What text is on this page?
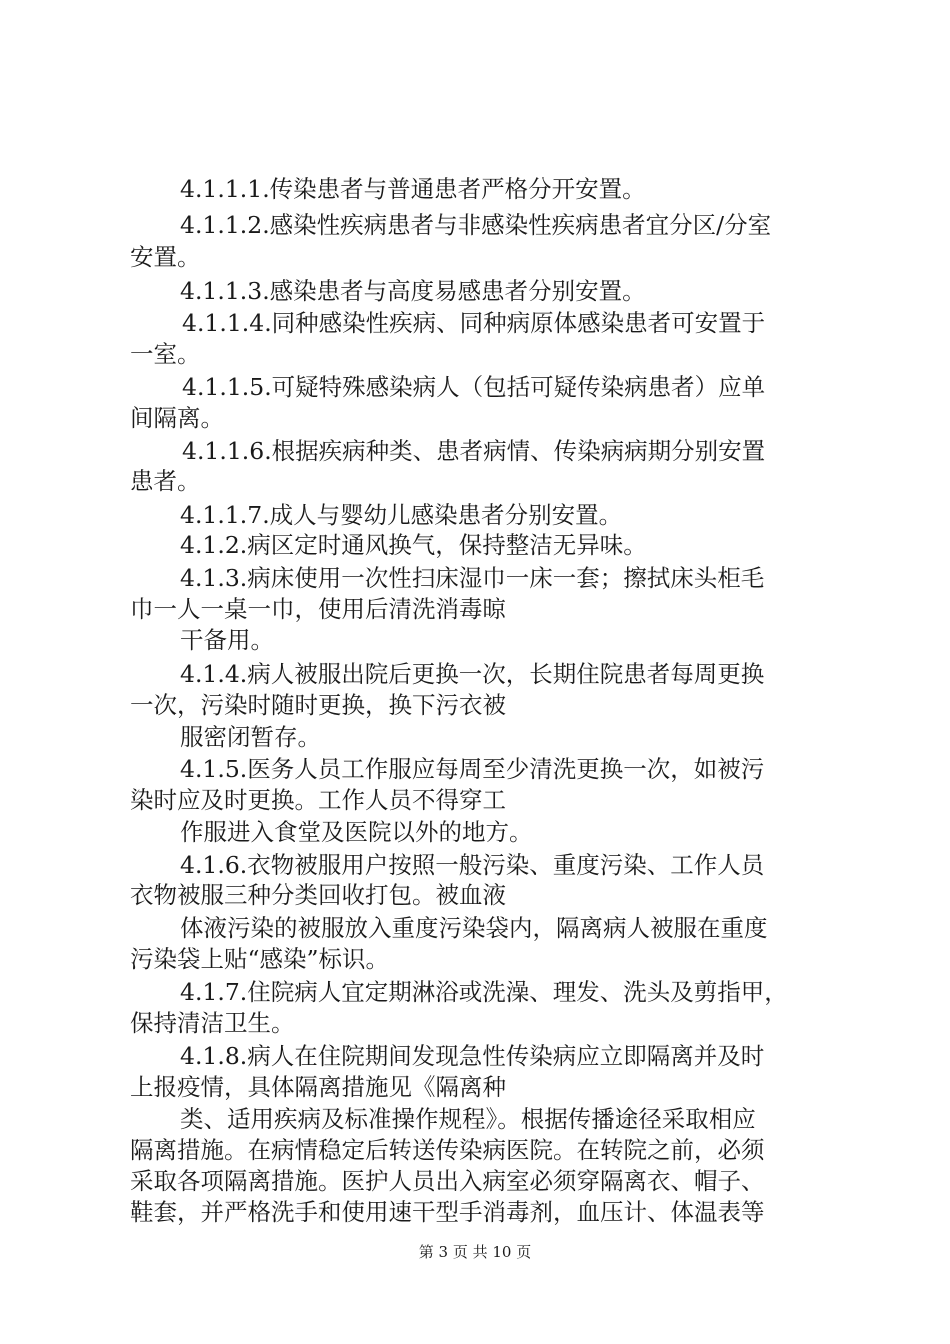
4.1.1.1.传染患者与普通患者严格分开安置。
4.1.1.2.感染性疾病患者与非感染性疾病患者宜分区/分室
安置。
4.1.1.3.感染患者与高度易感患者分别安置。
4.1.1.4.同种感染性疾病、同种病原体感染患者可安置于
一室。
4.1.1.5.可疑特殊感染病人（包括可疑传染病患者）应单
间隔离。
4.1.1.6.根据疾病种类、患者病情、传染病病期分别安置
患者。
4.1.1.7.成人与婴幼儿感染患者分别安置。
4.1.2.病区定时通风换气，保持整洁无异味。
4.1.3.病床使用一次性扫床湿巾一床一套；擦拭床头柜毛
巾一人一桌一巾，使用后清洗消毒晾
干备用。
4.1.4.病人被服出院后更换一次，长期住院患者每周更换
一次，污染时随时更换，换下污衣被
服密闭暂存。
4.1.5.医务人员工作服应每周至少清洗更换一次，如被污
染时应及时更换。工作人员不得穿工
作服进入食堂及医院以外的地方。
4.1.6.衣物被服用户按照一般污染、重度污染、工作人员
衣物被服三种分类回收打包。被血液
体液污染的被服放入重度污染袋内，隔离病人被服在重度
污染袋上贴“感染”标识。
4.1.7.住院病人宜定期淋浴或洗澡、理发、洗头及剪指甲，
保持清洁卫生。
4.1.8.病人在住院期间发现急性传染病应立即隔离并及时
上报疫情，具体隔离措施见《隔离种
类、适用疾病及标准操作规程》。根据传播途径采取相应
隔离措施。在病情稳定后转送传染病医院。在转院之前，必须
采取各项隔离措施。医护人员出入病室必须穿隔离衣、帽子、
鞋套，并严格洗手和使用速干型手消毒剂，血压计、体温表等
第 3 页 共 10 页
